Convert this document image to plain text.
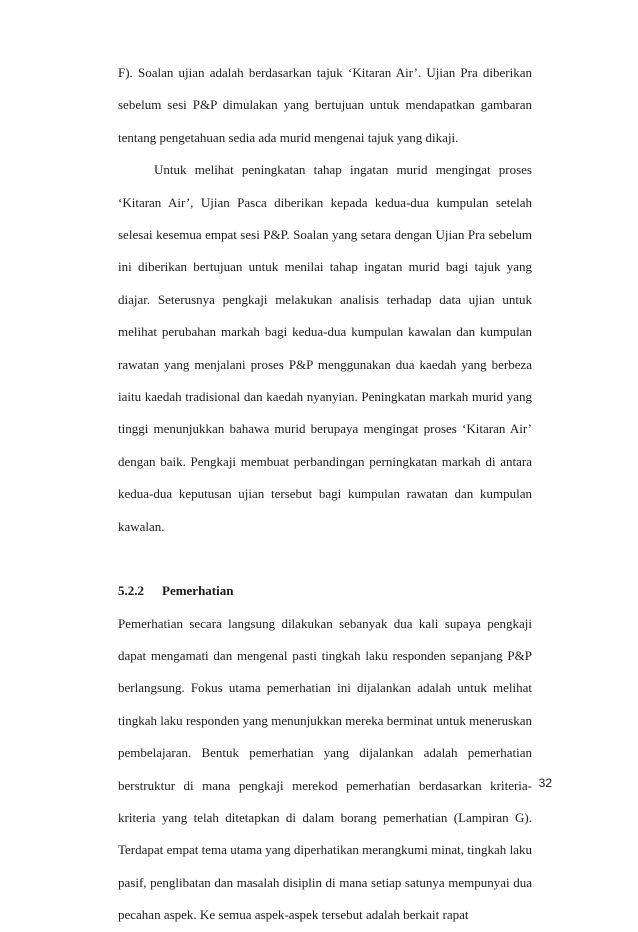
F). Soalan ujian adalah berdasarkan tajuk ‘Kitaran Air’. Ujian Pra diberikan sebelum sesi P&P dimulakan yang bertujuan untuk mendapatkan gambaran tentang pengetahuan sedia ada murid mengenai tajuk yang dikaji.

Untuk melihat peningkatan tahap ingatan murid mengingat proses ‘Kitaran Air’, Ujian Pasca diberikan kepada kedua-dua kumpulan setelah selesai kesemua empat sesi P&P. Soalan yang setara dengan Ujian Pra sebelum ini diberikan bertujuan untuk menilai tahap ingatan murid bagi tajuk yang diajar. Seterusnya pengkaji melakukan analisis terhadap data ujian untuk melihat perubahan markah bagi kedua-dua kumpulan kawalan dan kumpulan rawatan yang menjalani proses P&P menggunakan dua kaedah yang berbeza iaitu kaedah tradisional dan kaedah nyanyian. Peningkatan markah murid yang tinggi menunjukkan bahawa murid berupaya mengingat proses ‘Kitaran Air’ dengan baik. Pengkaji membuat perbandingan perningkatan markah di antara kedua-dua keputusan ujian tersebut bagi kumpulan rawatan dan kumpulan kawalan.

5.2.2	Pemerhatian

Pemerhatian secara langsung dilakukan sebanyak dua kali supaya pengkaji dapat mengamati dan mengenal pasti tingkah laku responden sepanjang P&P berlangsung. Fokus utama pemerhatian ini dijalankan adalah untuk melihat tingkah laku responden yang menunjukkan mereka berminat untuk meneruskan pembelajaran. Bentuk pemerhatian yang dijalankan adalah pemerhatian berstruktur di mana pengkaji merekod pemerhatian berdasarkan kriteria-kriteria yang telah ditetapkan di dalam borang pemerhatian (Lampiran G). Terdapat empat tema utama yang diperhatikan merangkumi minat, tingkah laku pasif, penglibatan dan masalah disiplin di mana setiap satunya mempunyai dua pecahan aspek. Ke semua aspek-aspek tersebut adalah berkait rapat

32
